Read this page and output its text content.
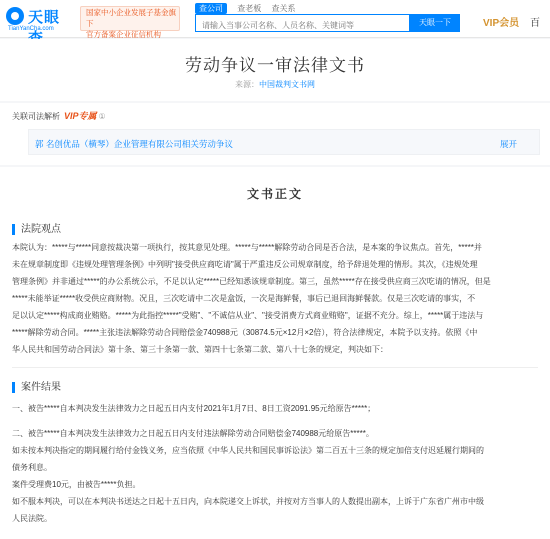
天眼
TianYanCha.com
国家中小企业发展子基金旗下
官方备案企业征信机构
查公司 查老板 查关系
请输入当事公司名称、人员名称、关键词等
天眼一下	VIP会员 百
劳动争议一审法律文书
来源：中国裁判文书网
关联司法解析 VIP专属 ①
郭 名创优品（横琴）企业管理有限公司相关劳动争议	展开
文书正文
法院观点
本院认为：*****与*****同意按裁决第一项执行，按其意见处理。*****与*****解除劳动合同是否合法，是本案的争议焦点。首先，*****并
未在规章制度即《违规处理管理条例》中列明"接受供应商吃请"属于严重违反公司规章制度，给予辞退处理的情形。其次，《违规处理
管理条例》并非通过*****的办公系统公示，不足以认定*****已经知悉该规章制度。第三，虽然*****存在接受供应商三次吃请的情况，但是
*****未能举证*****收受供应商财物。况且，三次吃请中二次是盒饭，一次是海鲜餐，事后已退回海鲜餐款。仅是三次吃请的事实，不
足以认定*****构成商业贿赂。*****为此指控*****"受贿"、"不诚信从业"、"接受消费方式商业贿赂"，证据不充分。综上，*****属于违法与
*****解除劳动合同。*****主张违法解除劳动合同赔偿金740988元（30874.5元×12月×2倍），符合法律规定，本院予以支持。依照《中
华人民共和国劳动合同法》第十条、第三十条第一款、第四十七条第二款、第八十七条的规定，判决如下：
案件结果
一、被告*****自本判决发生法律效力之日起五日内支付2021年1月7日、8日工资2091.95元给原告*****；
二、被告*****自本判决发生法律效力之日起五日内支付违法解除劳动合同赔偿金740988元给原告*****。
如未按本判决指定的期间履行给付金钱义务，应当依照《中华人民共和国民事诉讼法》第二百五十三条的规定加倍支付迟延履行期间的
债务利息。
案件受理费10元，由被告*****负担。
如不服本判决，可以在本判决书送达之日起十五日内，向本院递交上诉状，并按对方当事人的人数提出副本，上诉于广东省广州市中级
人民法院。
